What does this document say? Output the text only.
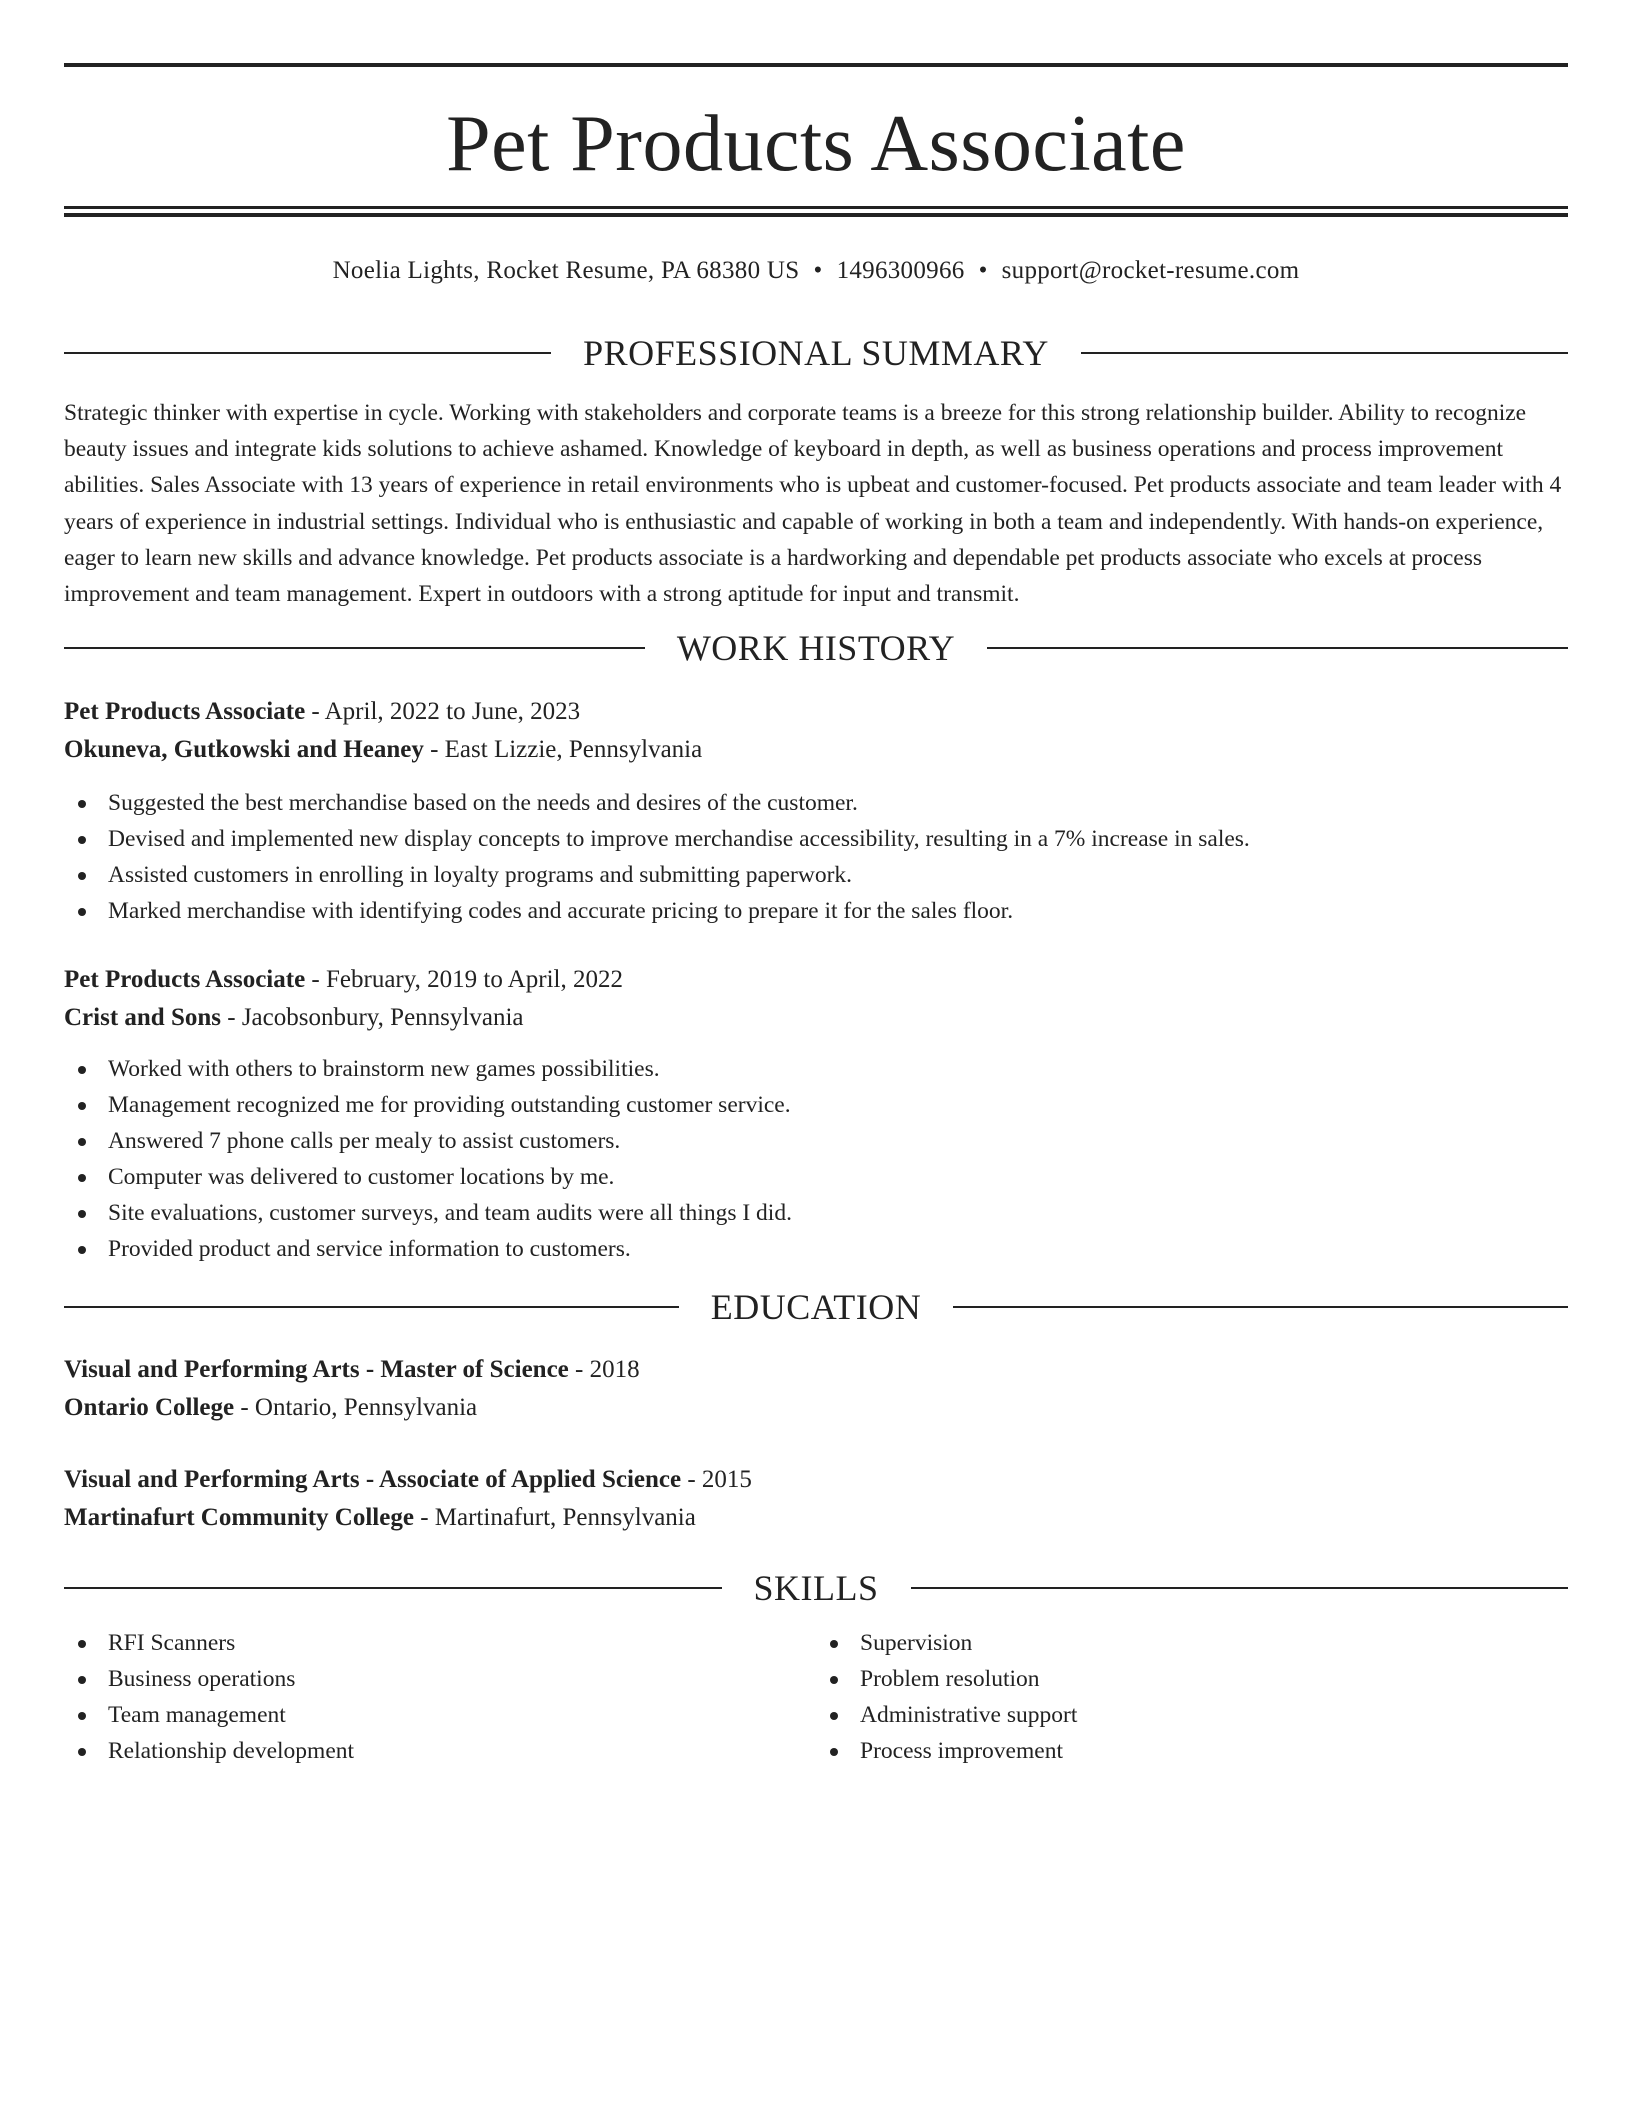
Pet Products Associate
Noelia Lights, Rocket Resume, PA 68380 US • 1496300966 • support@rocket-resume.com
PROFESSIONAL SUMMARY

Strategic thinker with expertise in cycle. Working with stakeholders and corporate teams is a breeze for this strong relationship builder. Ability to recognize beauty issues and integrate kids solutions to achieve ashamed. Knowledge of keyboard in depth, as well as business operations and process improvement abilities. Sales Associate with 13 years of experience in retail environments who is upbeat and customer-focused. Pet products associate and team leader with 4 years of experience in industrial settings. Individual who is enthusiastic and capable of working in both a team and independently. With hands-on experience, eager to learn new skills and advance knowledge. Pet products associate is a hardworking and dependable pet products associate who excels at process improvement and team management. Expert in outdoors with a strong aptitude for input and transmit.

WORK HISTORY
Pet Products Associate - April, 2022 to June, 2023
Okuneva, Gutkowski and Heaney - East Lizzie, Pennsylvania
Suggested the best merchandise based on the needs and desires of the customer.
Devised and implemented new display concepts to improve merchandise accessibility, resulting in a 7% increase in sales.
Assisted customers in enrolling in loyalty programs and submitting paperwork.
Marked merchandise with identifying codes and accurate pricing to prepare it for the sales floor.
Pet Products Associate - February, 2019 to April, 2022
Crist and Sons - Jacobsonbury, Pennsylvania
Worked with others to brainstorm new games possibilities.
Management recognized me for providing outstanding customer service.
Answered 7 phone calls per mealy to assist customers.
Computer was delivered to customer locations by me.
Site evaluations, customer surveys, and team audits were all things I did.
Provided product and service information to customers.
EDUCATION
Visual and Performing Arts - Master of Science - 2018
Ontario College - Ontario, Pennsylvania
Visual and Performing Arts - Associate of Applied Science - 2015
Martinafurt Community College - Martinafurt, Pennsylvania
SKILLS
RFI Scanners
Business operations
Team management
Relationship development
Supervision
Problem resolution
Administrative support
Process improvement
